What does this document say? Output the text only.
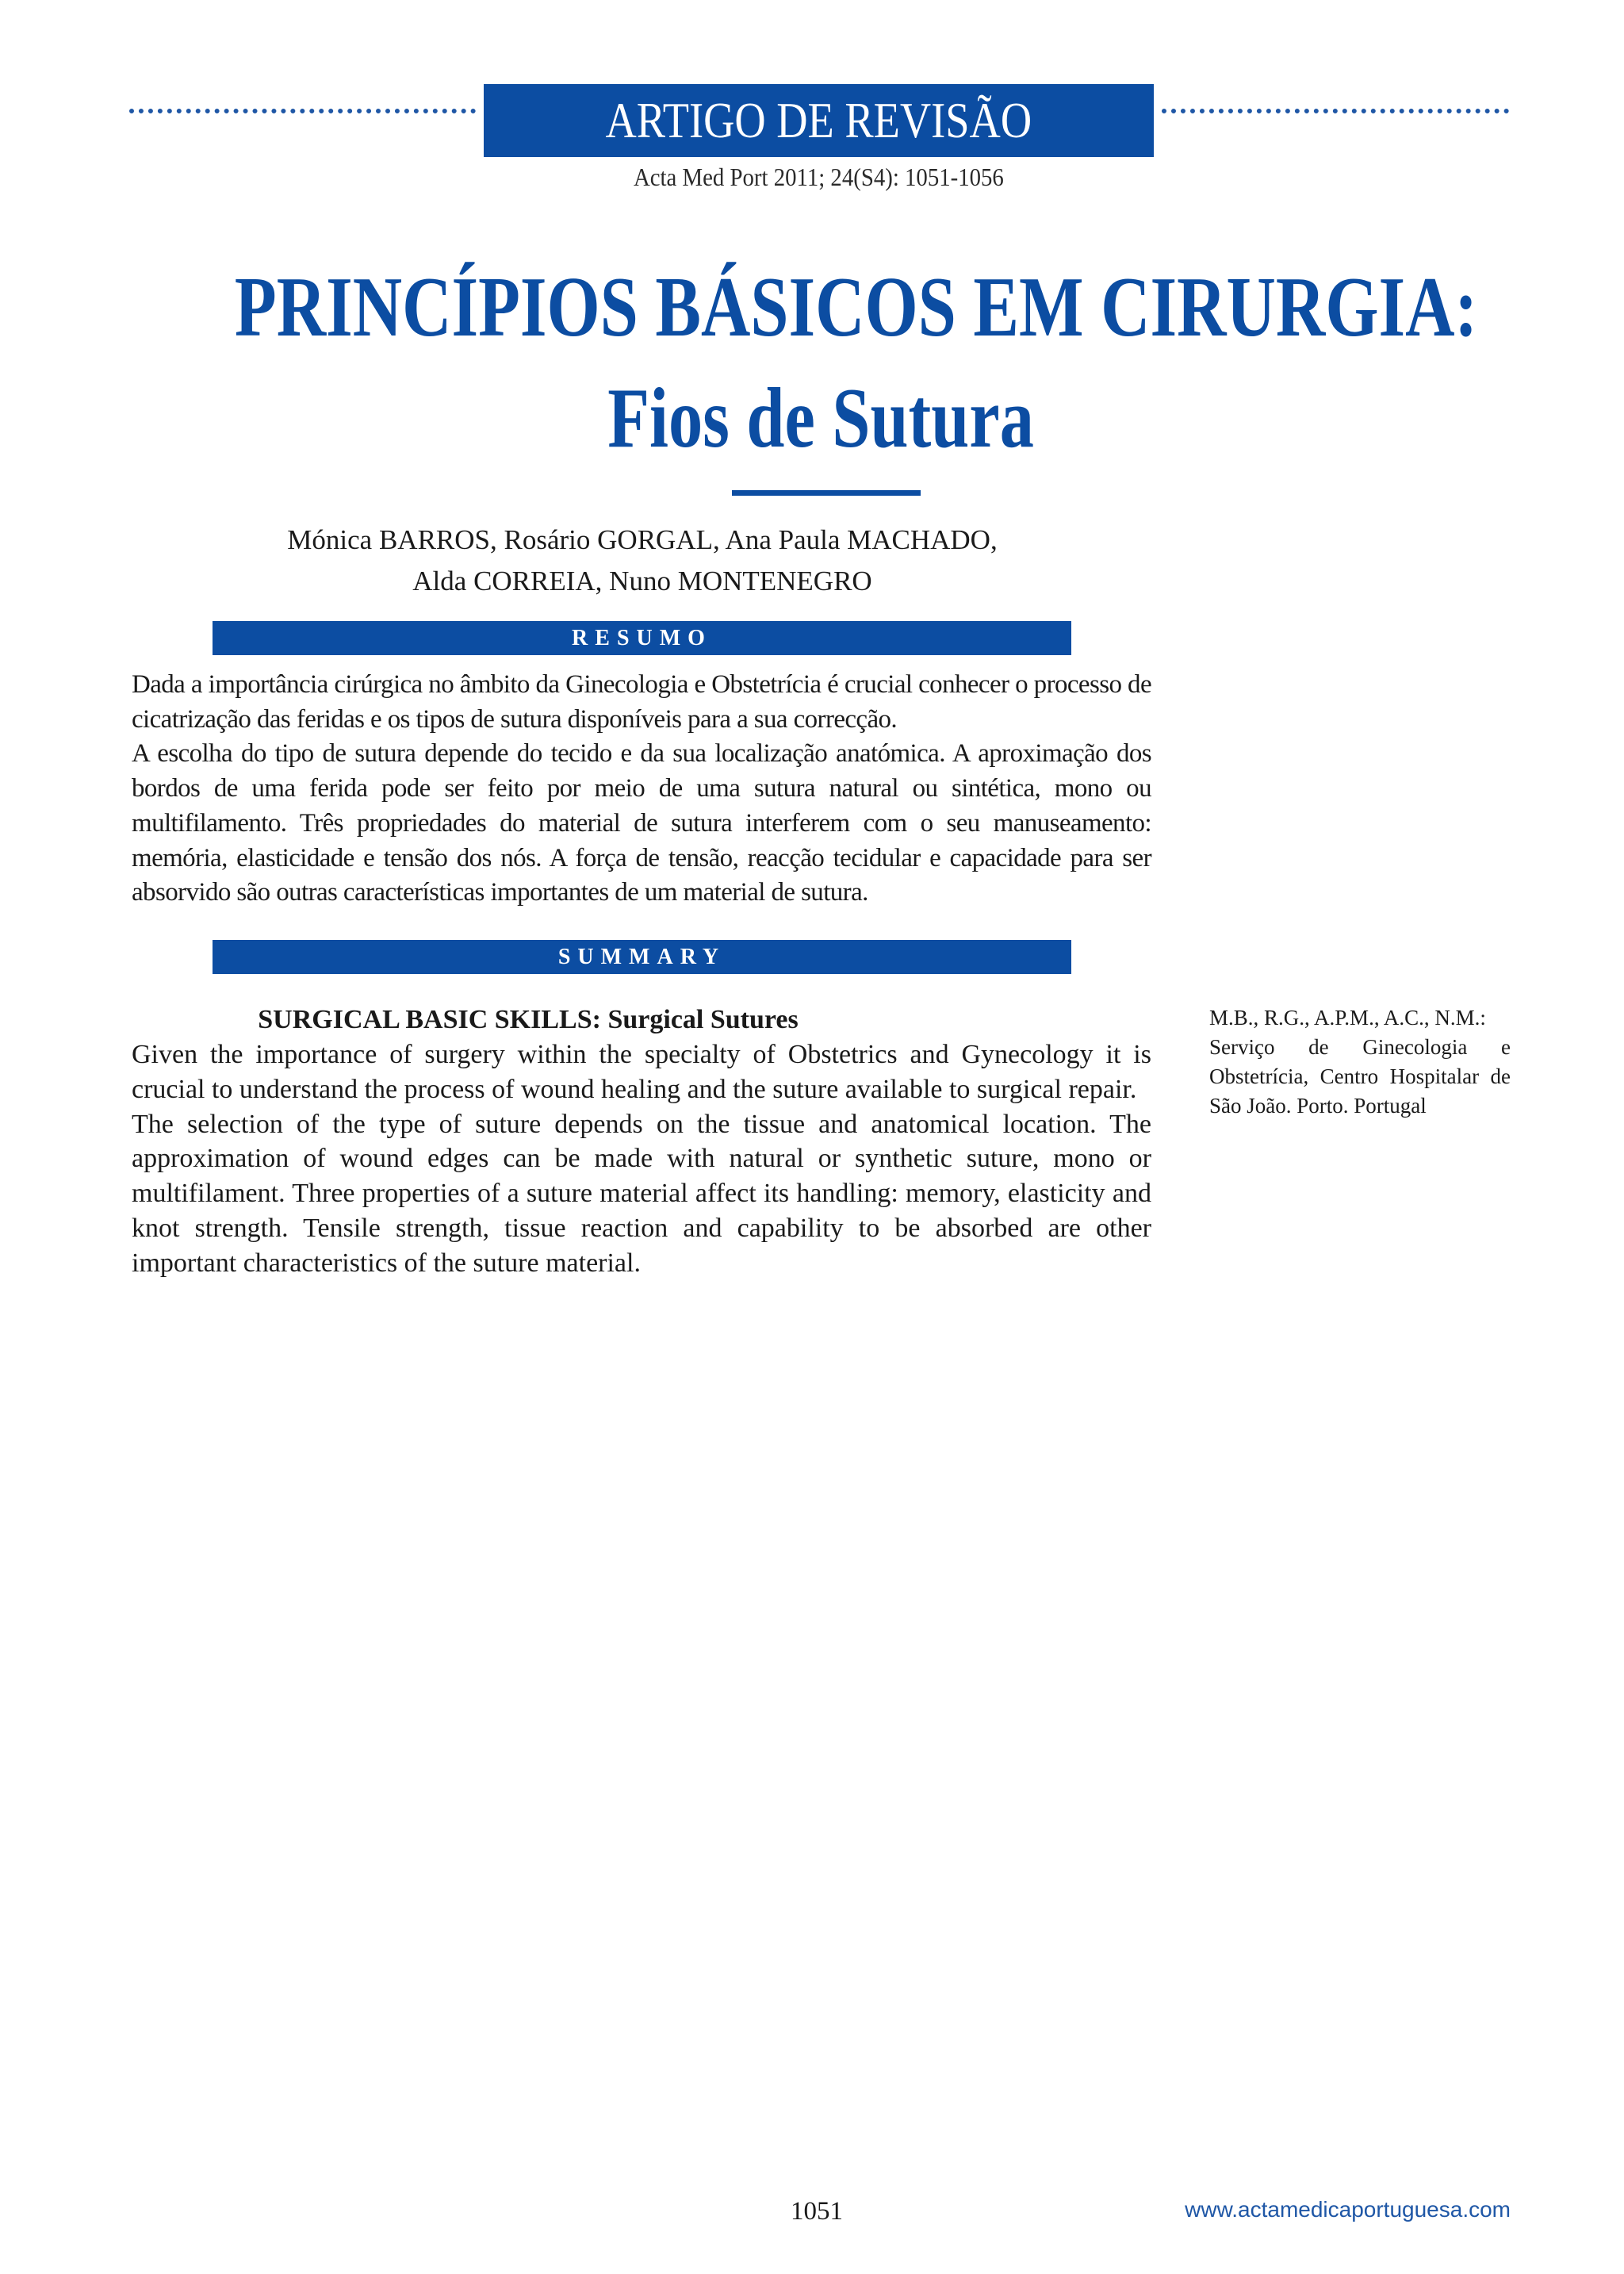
ARTIGO DE REVISÃO
Acta Med Port 2011; 24(S4): 1051-1056
PRINCÍPIOS BÁSICOS EM CIRURGIA:
Fios de Sutura
Mónica BARROS, Rosário GORGAL, Ana Paula MACHADO,
Alda CORREIA, Nuno MONTENEGRO
RESUMO

Dada a importância cirúrgica no âmbito da Ginecologia e Obstetrícia é crucial conhecer o processo de cicatrização das feridas e os tipos de sutura disponíveis para a sua correcção.

A escolha do tipo de sutura depende do tecido e da sua localização anatómica. A aproximação dos bordos de uma ferida pode ser feito por meio de uma sutura natural ou sintética, mono ou multifilamento. Três propriedades do material de sutura interferem com o seu manuseamento: memória, elasticidade e tensão dos nós. A força de tensão, reacção tecidular e capacidade para ser absorvido são outras características importantes de um material de sutura.

SUMMARY
SURGICAL BASIC SKILLS: Surgical Sutures

Given the importance of surgery within the specialty of Obstetrics and Gynecology it is crucial to understand the process of wound healing and the suture available to surgical repair.

The selection of the type of suture depends on the tissue and anatomical location. The approximation of wound edges can be made with natural or synthetic suture, mono or multifilament. Three properties of a suture material affect its handling: memory, elasticity and knot strength. Tensile strength, tissue reaction and capability to be absorbed are other important characteristics of the suture material.

M.B., R.G., A.P.M., A.C., N.M.:

Serviço de Ginecologia e Obstetrícia, Centro Hospitalar de São João. Porto. Portugal

1051	www.actamedicaportuguesa.com
